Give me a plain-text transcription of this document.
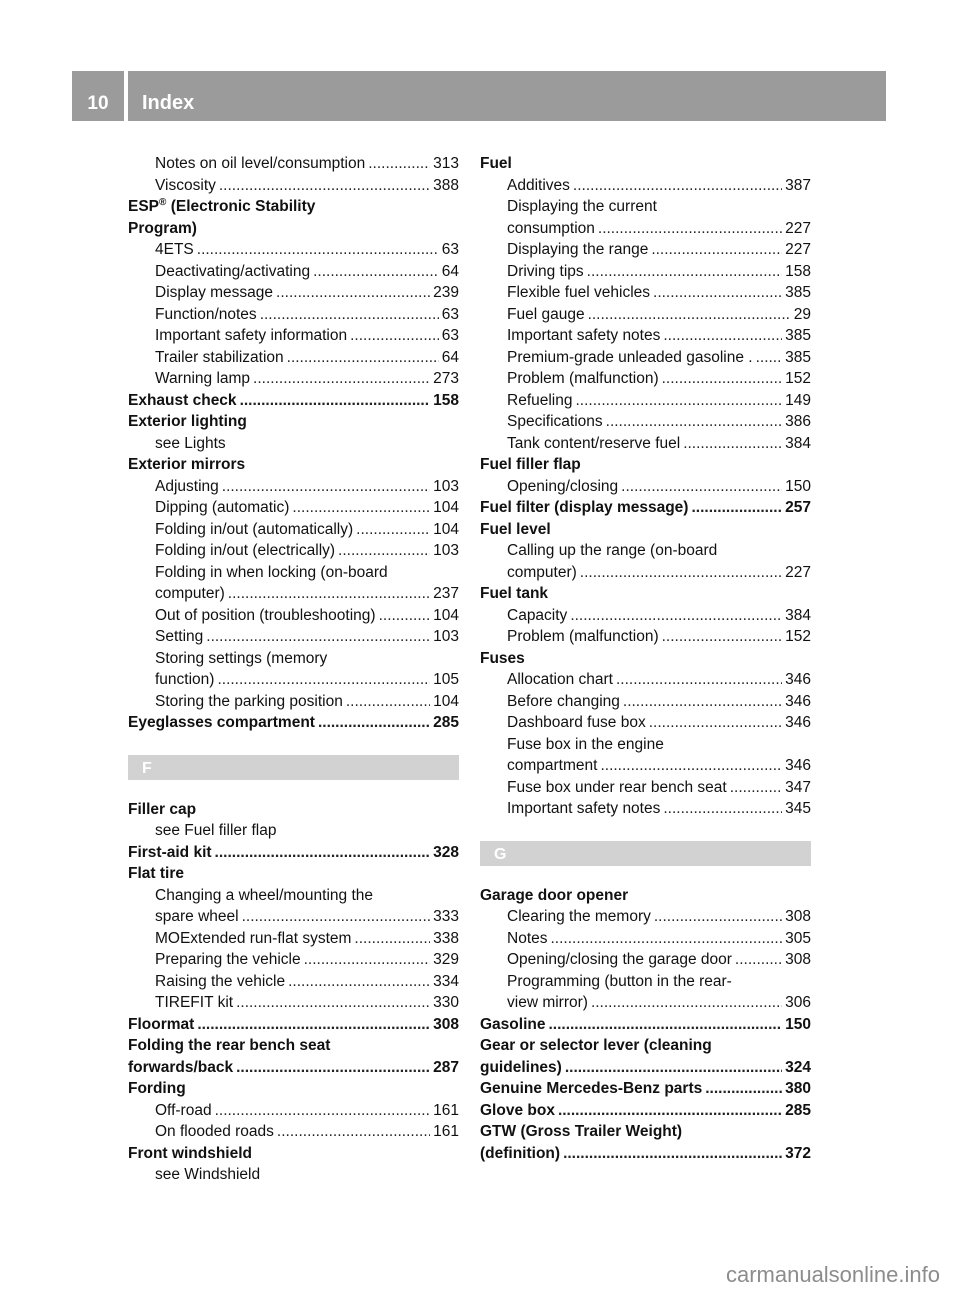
10	Index
Notes on oil level/consumption .....	313
Viscosity .....	388
ESP® (Electronic Stability
Program)
4ETS .....	63
Deactivating/activating .....	64
Display message .....	239
Function/notes .....	63
Important safety information .....	63
Trailer stabilization .....	64
Warning lamp .....	273
Exhaust check .....	158
Exterior lighting
see Lights
Exterior mirrors
Adjusting .....	103
Dipping (automatic) .....	104
Folding in/out (automatically) .....	104
Folding in/out (electrically) .....	103
Folding in when locking (on-board
computer) .....	237
Out of position (troubleshooting) .....	104
Setting .....	103
Storing settings (memory
function) .....	105
Storing the parking position .....	104
Eyeglasses compartment .....	285
F
Filler cap
see Fuel filler flap
First-aid kit .....	328
Flat tire
Changing a wheel/mounting the
spare wheel .....	333
MOExtended run-flat system .....	338
Preparing the vehicle .....	329
Raising the vehicle .....	334
TIREFIT kit .....	330
Floormat .....	308
Folding the rear bench seat
forwards/back .....	287
Fording
Off-road .....	161
On flooded roads .....	161
Front windshield
see Windshield
Fuel
Additives .....	387
Displaying the current
consumption .....	227
Displaying the range .....	227
Driving tips .....	158
Flexible fuel vehicles .....	385
Fuel gauge .....	29
Important safety notes .....	385
Premium-grade unleaded gasoline . ..... 385
Problem (malfunction) .....	152
Refueling .....	149
Specifications .....	386
Tank content/reserve fuel .....	384
Fuel filler flap
Opening/closing .....	150
Fuel filter (display message) .....	257
Fuel level
Calling up the range (on-board
computer) .....	227
Fuel tank
Capacity .....	384
Problem (malfunction) .....	152
Fuses
Allocation chart .....	346
Before changing .....	346
Dashboard fuse box .....	346
Fuse box in the engine
compartment .....	346
Fuse box under rear bench seat .....	347
Important safety notes .....	345
G
Garage door opener
Clearing the memory .....	308
Notes .....	305
Opening/closing the garage door .....	308
Programming (button in the rear-
view mirror) .....	306
Gasoline .....	150
Gear or selector lever (cleaning
guidelines) .....	324
Genuine Mercedes-Benz parts .....	380
Glove box .....	285
GTW (Gross Trailer Weight)
(definition) .....	372
carmanualsonline.info
